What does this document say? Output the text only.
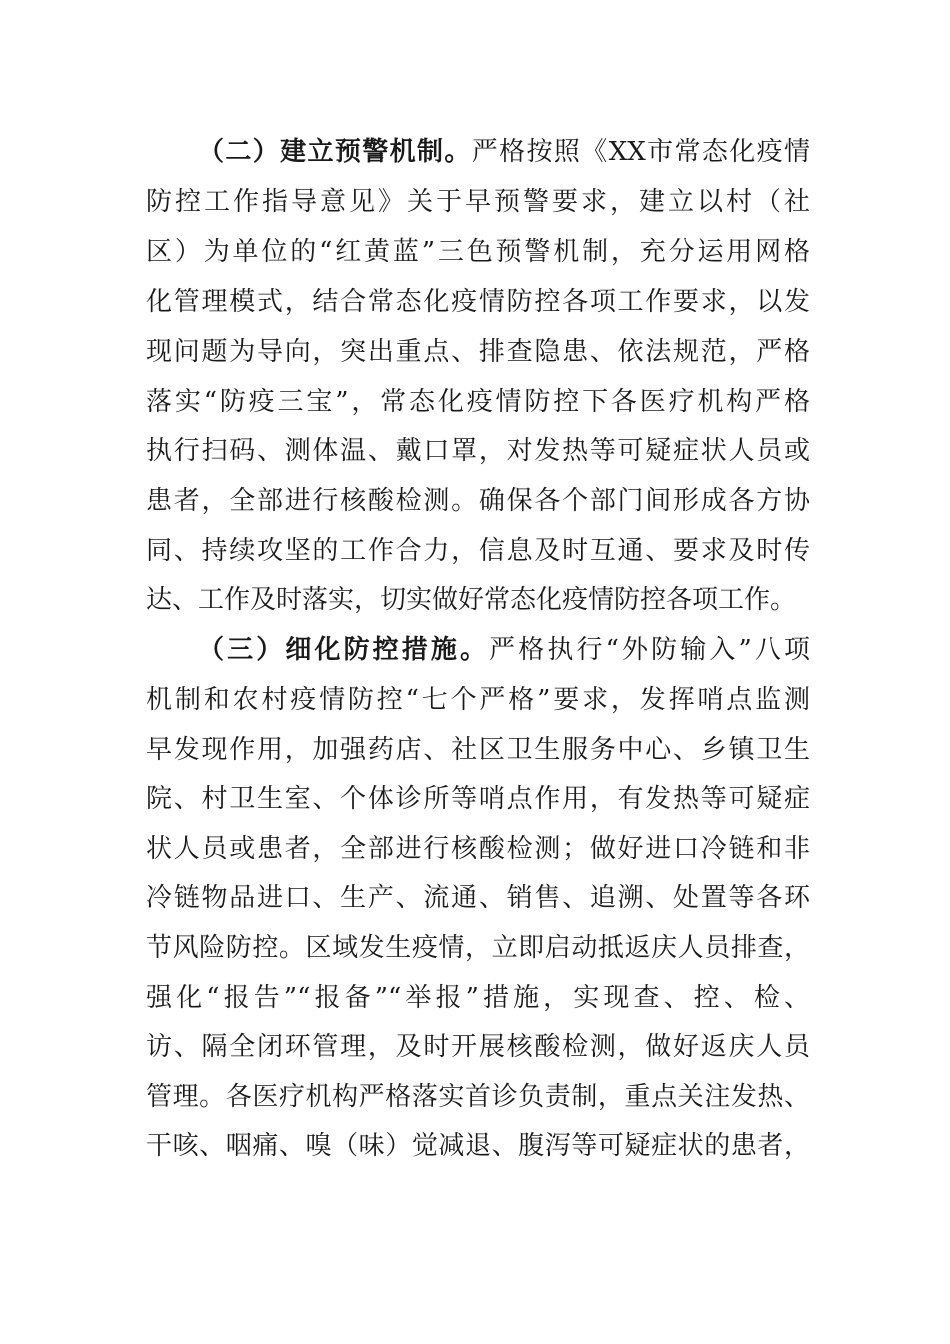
（二）建立预警机制。严格按照《XX市常态化疫情
防控工作指导意见》关于早预警要求，建立以村（社
区）为单位的“红黄蓝”三色预警机制，充分运用网格
化管理模式，结合常态化疫情防控各项工作要求，以发
现问题为导向，突出重点、排查隐患、依法规范，严格
落实“防疫三宝”，常态化疫情防控下各医疗机构严格
执行扫码、测体温、戴口罩，对发热等可疑症状人员或
患者，全部进行核酸检测。确保各个部门间形成各方协
同、持续攻坚的工作合力，信息及时互通、要求及时传
达、工作及时落实，切实做好常态化疫情防控各项工作。
（三）细化防控措施。严格执行“外防输入”八项
机制和农村疫情防控“七个严格”要求，发挥哨点监测
早发现作用，加强药店、社区卫生服务中心、乡镇卫生
院、村卫生室、个体诊所等哨点作用，有发热等可疑症
状人员或患者，全部进行核酸检测；做好进口冷链和非
冷链物品进口、生产、流通、销售、追溯、处置等各环
节风险防控。区域发生疫情，立即启动抵返庆人员排查，
强化“报告”“报备”“举报”措施，实现查、控、检、
访、隔全闭环管理，及时开展核酸检测，做好返庆人员
管理。各医疗机构严格落实首诊负责制，重点关注发热、
干咳、咽痛、嗅（味）觉减退、腹泻等可疑症状的患者，
